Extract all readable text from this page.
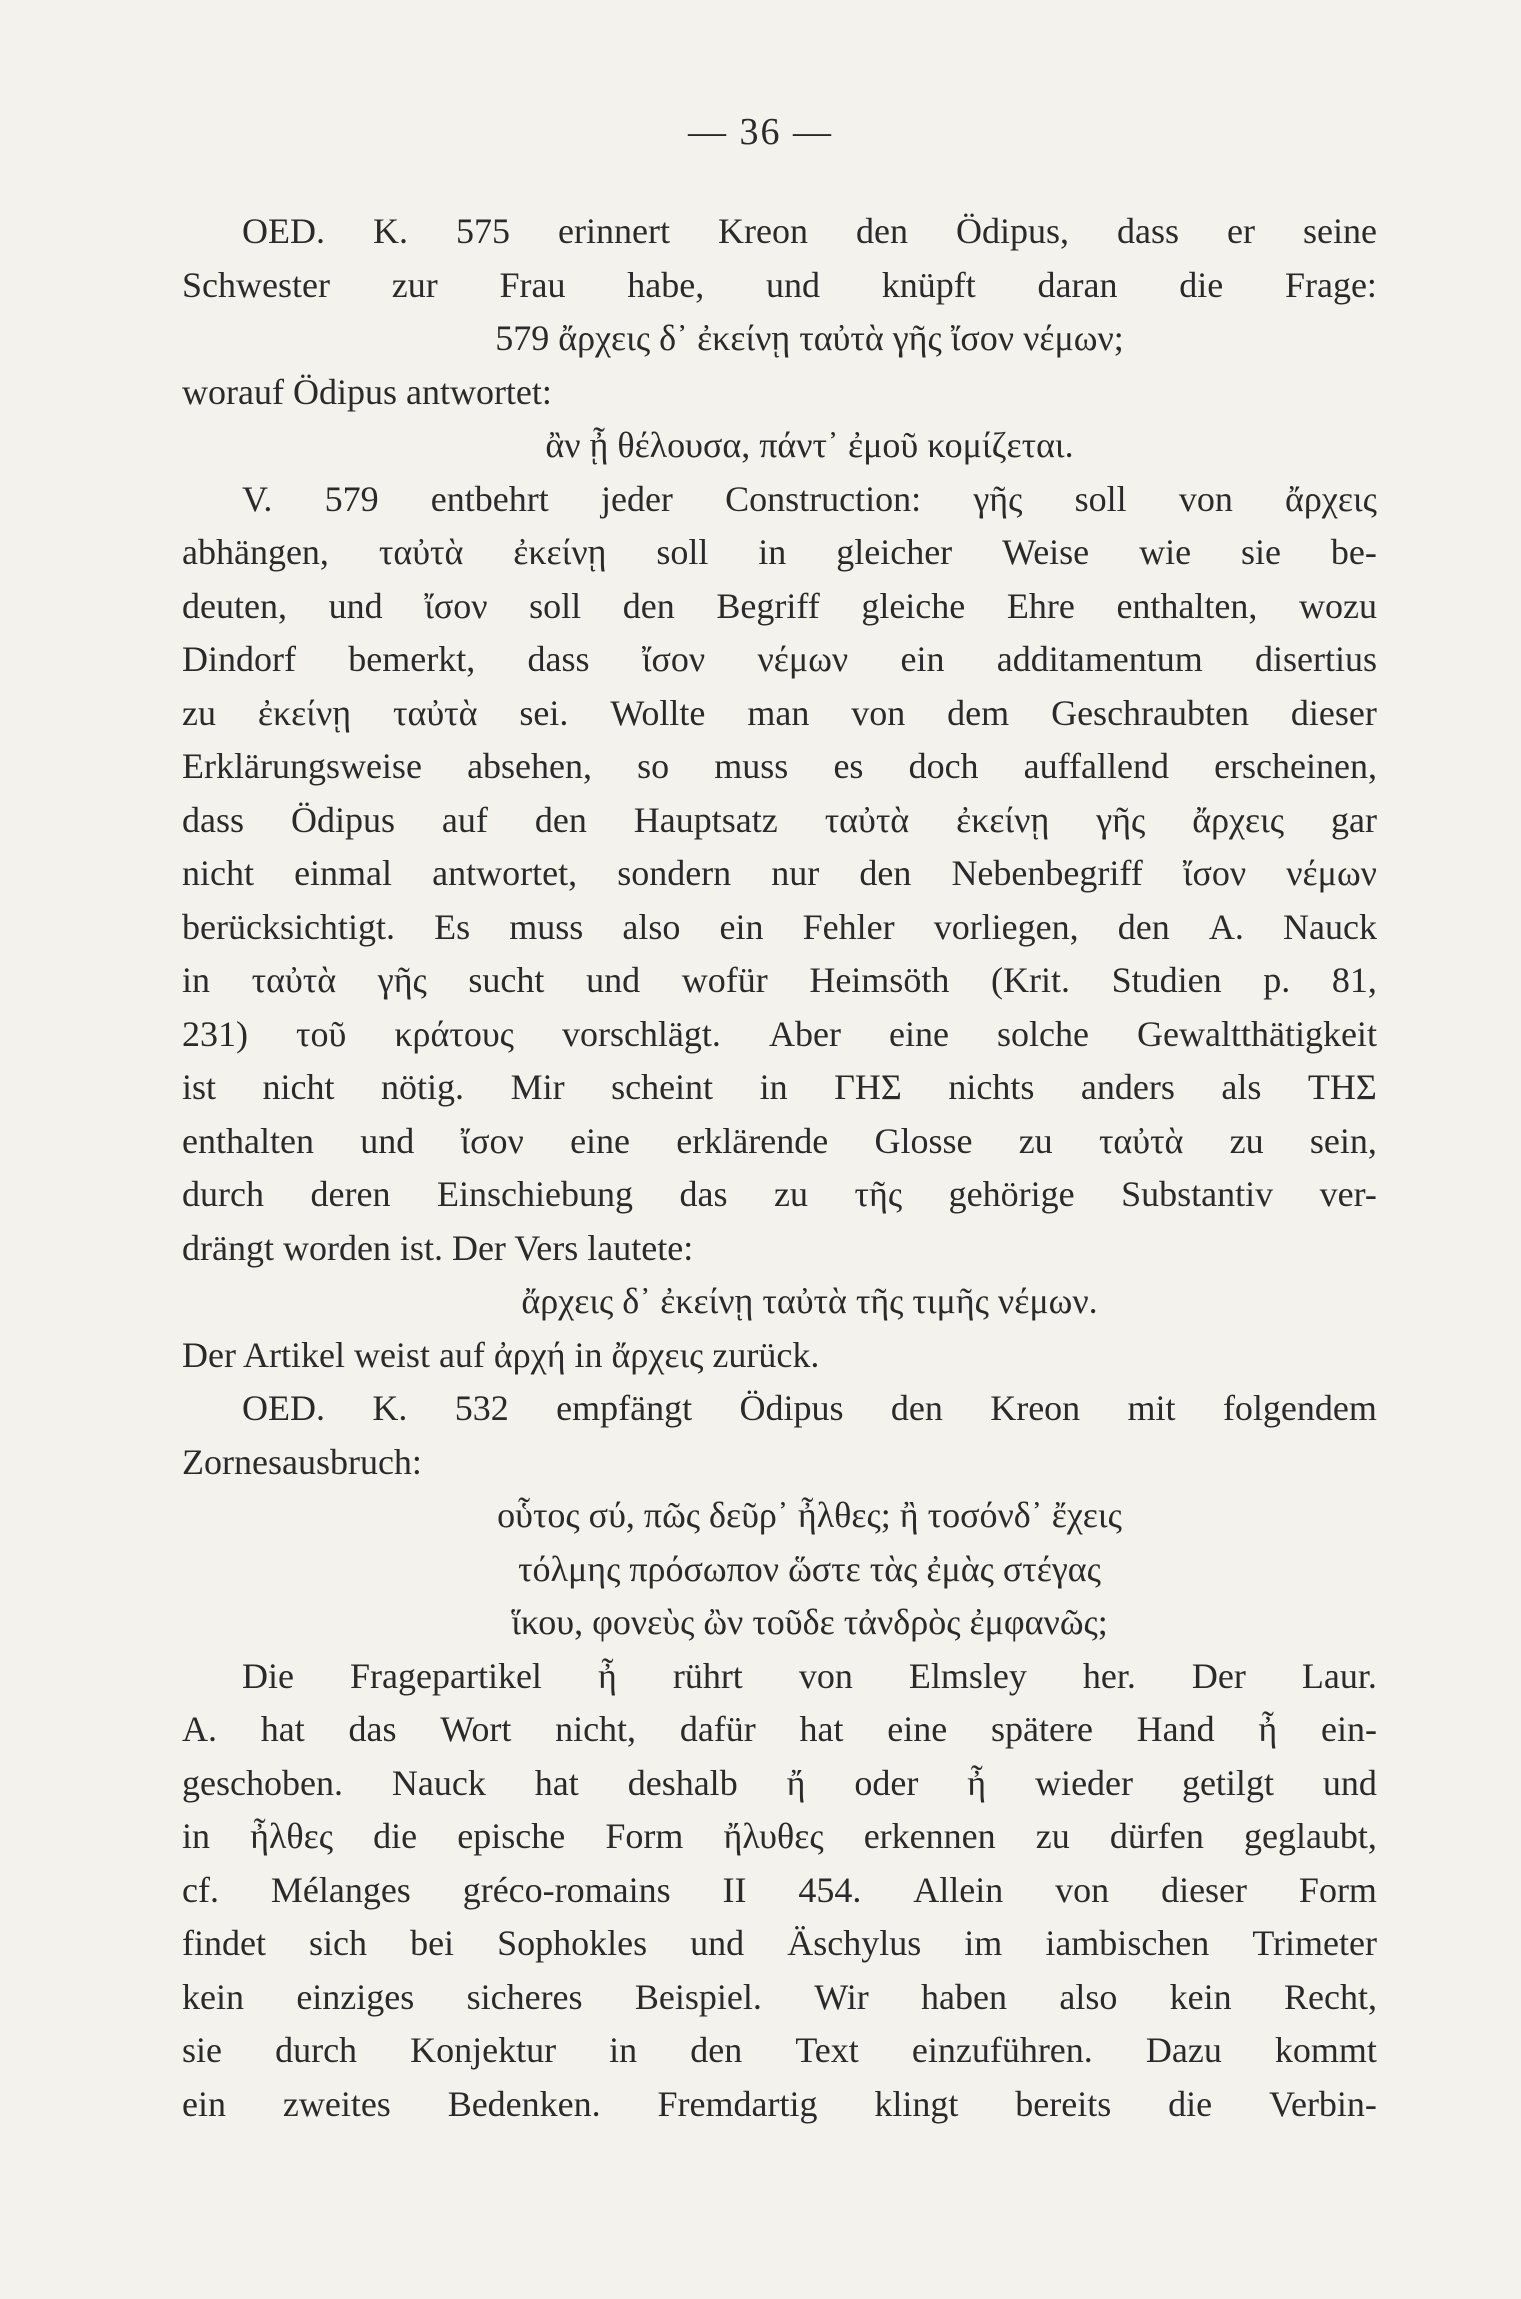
— 36 —
OED. K. 575 erinnert Kreon den Ödipus, dass er seine
Schwester zur Frau habe, und knüpft daran die Frage:
579 ἄρχεις δ᾿ ἐκείνῃ ταὐτὰ γῆς ἴσον νέμων;
worauf Ödipus antwortet:
ἂν ᾖ θέλουσα, πάντ᾿ ἐμοῦ κομίζεται.
V. 579 entbehrt jeder Construction: γῆς soll von ἄρχεις
abhängen, ταὐτὰ ἐκείνῃ soll in gleicher Weise wie sie be-
deuten, und ἴσον soll den Begriff gleiche Ehre enthalten, wozu
Dindorf bemerkt, dass ἴσον νέμων ein additamentum disertius
zu ἐκείνῃ ταὐτὰ sei. Wollte man von dem Geschraubten dieser
Erklärungsweise absehen, so muss es doch auffallend erscheinen,
dass Ödipus auf den Hauptsatz ταὐτὰ ἐκείνῃ γῆς ἄρχεις gar
nicht einmal antwortet, sondern nur den Nebenbegriff ἴσον νέμων
berücksichtigt. Es muss also ein Fehler vorliegen, den A. Nauck
in ταὐτὰ γῆς sucht und wofür Heimsöth (Krit. Studien p. 81,
231) τοῦ κράτους vorschlägt. Aber eine solche Gewaltthätigkeit
ist nicht nötig. Mir scheint in ΓΗΣ nichts anders als ΤΗΣ
enthalten und ἴσον eine erklärende Glosse zu ταὐτὰ zu sein,
durch deren Einschiebung das zu τῆς gehörige Substantiv ver-
drängt worden ist. Der Vers lautete:
ἄρχεις δ᾿ ἐκείνῃ ταὐτὰ τῆς τιμῆς νέμων.
Der Artikel weist auf ἀρχή in ἄρχεις zurück.
OED. K. 532 empfängt Ödipus den Kreon mit folgendem
Zornesausbruch:
οὗτος σύ, πῶς δεῦρ᾿ ἦλθες; ἢ τοσόνδ᾿ ἔχεις
τόλμης πρόσωπον ὥστε τὰς ἐμὰς στέγας
ἵκου, φονεὺς ὢν τοῦδε τἀνδρὸς ἐμφανῶς;
Die Fragepartikel ἦ rührt von Elmsley her. Der Laur.
A. hat das Wort nicht, dafür hat eine spätere Hand ἦ ein-
geschoben. Nauck hat deshalb ἤ oder ἦ wieder getilgt und
in ἦλθες die epische Form ἤλυθες erkennen zu dürfen geglaubt,
cf. Mélanges gréco-romains II 454. Allein von dieser Form
findet sich bei Sophokles und Äschylus im iambischen Trimeter
kein einziges sicheres Beispiel. Wir haben also kein Recht,
sie durch Konjektur in den Text einzuführen. Dazu kommt
ein zweites Bedenken. Fremdartig klingt bereits die Verbin-
